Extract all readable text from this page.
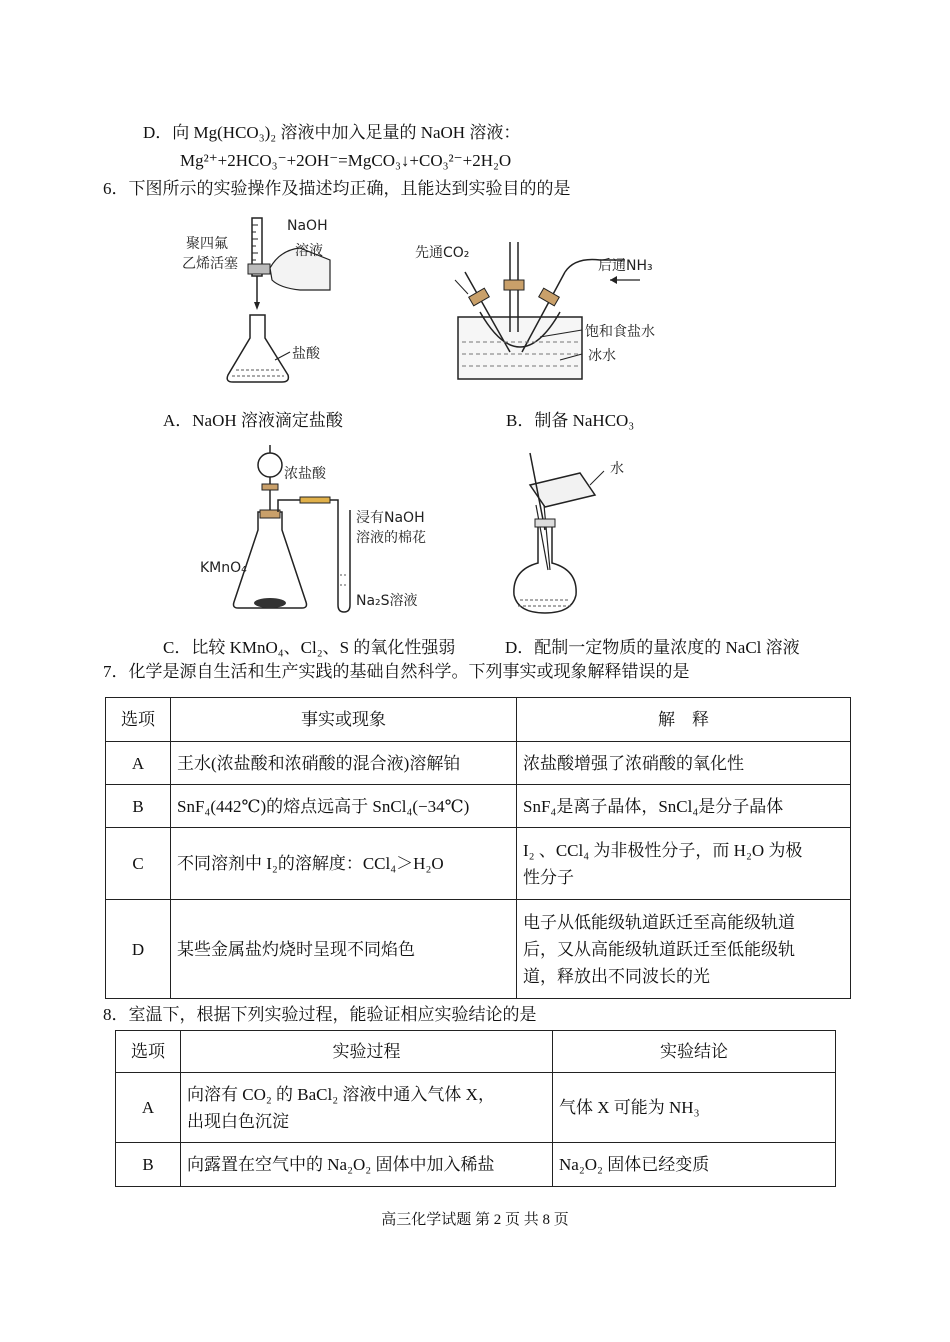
D．向 Mg(HCO₃)₂ 溶液中加入足量的 NaOH 溶液：
Mg²⁺+2HCO₃⁻+2OH⁻=MgCO₃↓+CO₃²⁻+2H₂O
6．下图所示的实验操作及描述均正确，且能达到实验目的的是
NaOH
溶液
聚四氟
乙烯活塞
盐酸
A．NaOH 溶液滴定盐酸
先通CO₂
后通NH₃
饱和食盐水
冰水
B．制备 NaHCO₃
浓盐酸
浸有NaOH
溶液的棉花
KMnO₄
Na₂S溶液
C．比较 KMnO₄、Cl₂、S 的氧化性强弱
水
D．配制一定物质的量浓度的 NaCl 溶液
7．化学是源自生活和生产实践的基础自然科学。下列事实或现象解释错误的是
选项	事实或现象	解　释
A	王水(浓盐酸和浓硝酸的混合液)溶解铂	浓盐酸增强了浓硝酸的氧化性
B	SnF₄(442℃)的熔点远高于 SnCl₄(−34℃)	SnF₄是离子晶体，SnCl₄是分子晶体
C	不同溶剂中 I₂的溶解度：CCl₄＞H₂O	I₂ 、CCl₄ 为非极性分子，而 H₂O 为极
性分子

D	某些金属盐灼烧时呈现不同焰色	电子从低能级轨道跃迁至高能级轨道
后，又从高能级轨道跃迁至低能级轨
道，释放出不同波长的光
8．室温下，根据下列实验过程，能验证相应实验结论的是
选项	实验过程	实验结论
A	向溶有 CO₂ 的 BaCl₂ 溶液中通入气体 X，
出现白色沉淀	气体 X 可能为 NH₃
B	向露置在空气中的 Na₂O₂ 固体中加入稀盐	Na₂O₂ 固体已经变质
高三化学试题 第 2 页 共 8 页
